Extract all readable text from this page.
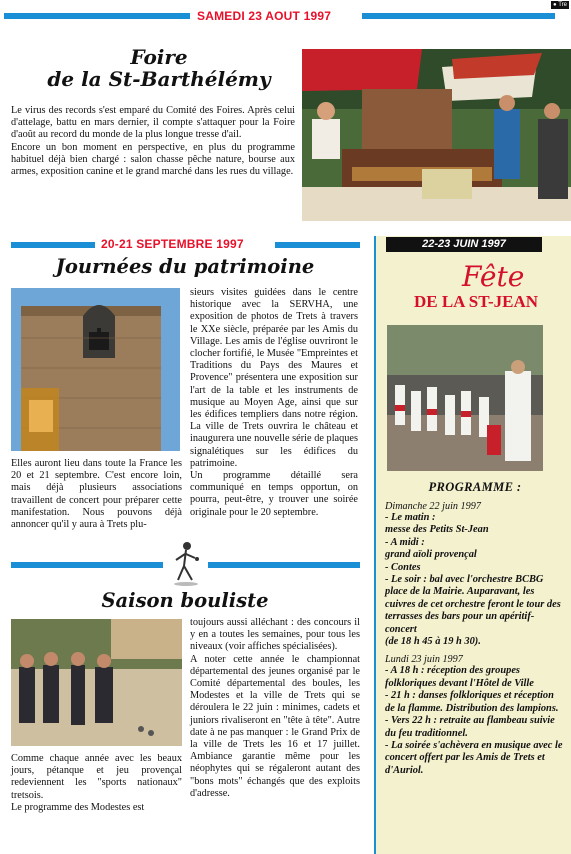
● Tre
SAMEDI 23 AOUT 1997
Foire
de la St-Barthélémy

Le virus des records s'est emparé du Comité des Foires. Après celui d'attelage, battu en mars dernier, il compte s'attaquer pour la Foire d'août au record du monde de la plus longue tresse d'ail.

Encore un bon moment en perspective, en plus du programme habituel déjà bien chargé : salon chasse pêche nature, bourse aux armes, exposition canine et le grand marché dans les rues du village.

20-21 SEPTEMBRE 1997
Journées du patrimoine

Elles auront lieu dans toute la France les 20 et 21 septembre. C'est encore loin, mais déjà plusieurs associations travaillent de concert pour préparer cette manifestation. Nous pouvons déjà annoncer qu'il y aura à Trets plu-

sieurs visites guidées dans le centre historique avec la SERVHA, une exposition de photos de Trets à travers le XXe siècle, préparée par les Amis du Village. Les amis de l'église ouvriront le clocher fortifié, le Musée "Empreintes et Traditions du Pays des Maures et Provence" présentera une exposition sur l'art de la table et les instruments de musique au Moyen Age, ainsi que sur les édifices templiers dans notre région. La ville de Trets ouvrira le château et inaugurera une nouvelle série de plaques signalétiques sur les édifices du patrimoine.

Un programme détaillé sera communiqué en temps opportun, on pourra, peut-être, y trouver une soirée originale pour le 20 septembre.

Saison bouliste

Comme chaque année avec les beaux jours, pétanque et jeu provençal redeviennent les "sports nationaux" tretsois.

Le programme des Modestes est

toujours aussi alléchant : des concours il y en a toutes les semaines, pour tous les niveaux (voir affiches spécialisées).

A noter cette année le championnat départemental des jeunes organisé par le Comité départemental des boules, les Modestes et la ville de Trets qui se déroulera le 22 juin : minimes, cadets et juniors rivaliseront en "tête à tête". Autre date à ne pas manquer : le Grand Prix de la ville de Trets les 16 et 17 juillet. Ambiance garantie même pour les néophytes qui se régaleront autant des "bons mots" échangés que des exploits d'adresse.

22-23 JUIN 1997
Fête
DE LA ST-JEAN
PROGRAMME :
Dimanche 22 juin 1997
- Le matin :
messe des Petits St-Jean
- A midi :
grand aïoli provençal
- Contes
- Le soir : bal avec l'orchestre BCBG place de la Mairie. Auparavant, les cuivres de cet orchestre feront le tour des terrasses des bars pour un apéritif-concert
(de 18 h 45 à 19 h 30).
Lundi 23 juin 1997
- A 18 h : réception des groupes folkloriques devant l'Hôtel de Ville
- 21 h : danses folkloriques et réception de la flamme. Distribution des lampions.
- Vers 22 h : retraite au flambeau suivie du feu traditionnel.
- La soirée s'achèvera en musique avec le concert offert par les Amis de Trets et d'Auriol.
